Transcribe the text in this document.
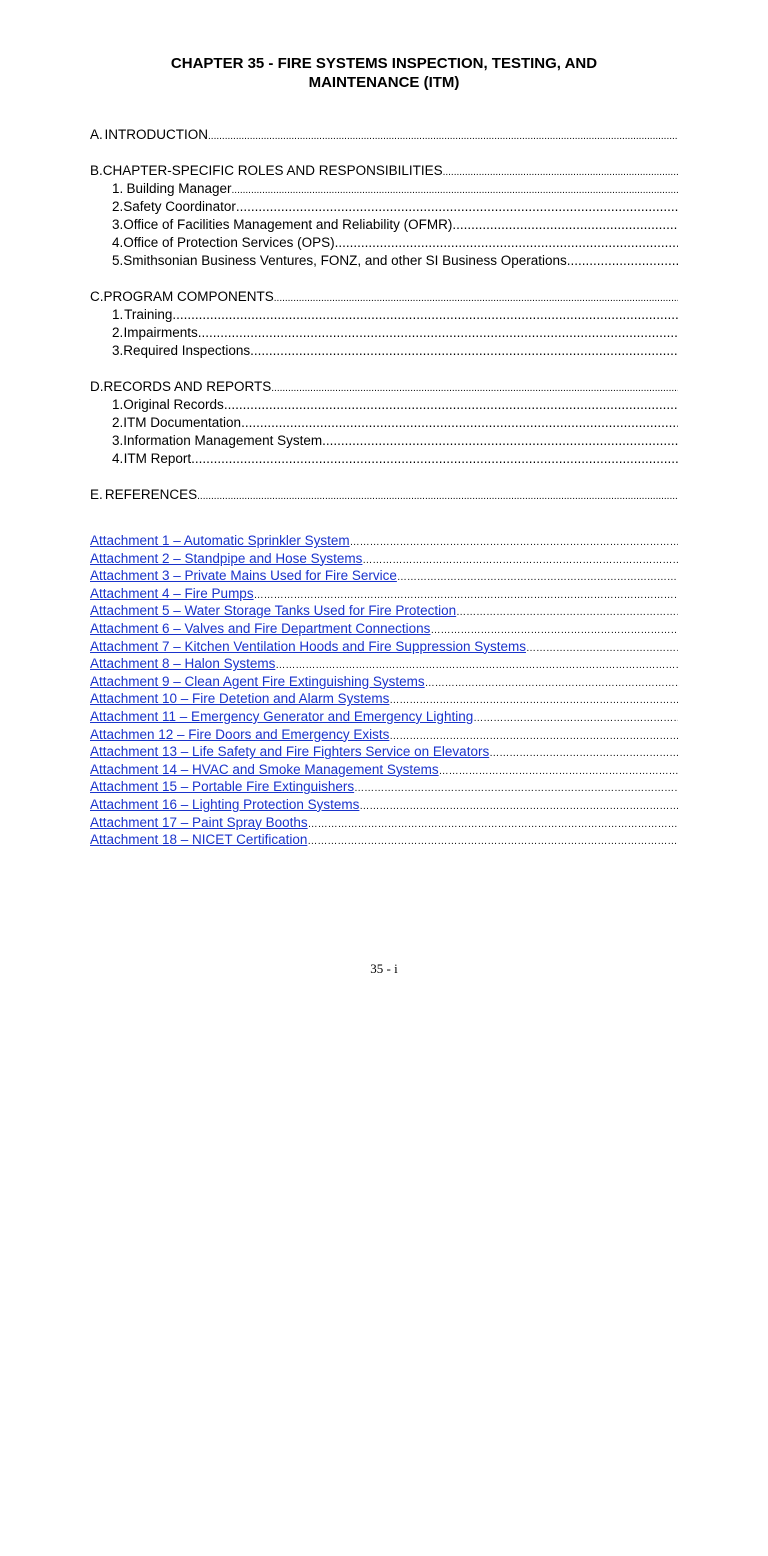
CHAPTER 35 - FIRE SYSTEMS INSPECTION, TESTING, AND
MAINTENANCE (ITM)
A. INTRODUCTION
.....
B. CHAPTER-SPECIFIC ROLES AND RESPONSIBILITIES
.....
1. Building Manager
.....
2. Safety Coordinator
.....
3. Office of Facilities Management and Reliability (OFMR)
.....
4. Office of Protection Services (OPS)
.....
5. Smithsonian Business Ventures, FONZ, and other SI Business Operations
.....
C. PROGRAM COMPONENTS
.....
1. Training
.....
2. Impairments
.....
3. Required Inspections
.....
D. RECORDS AND REPORTS
.....
1. Original Records
.....
2. ITM Documentation
.....
3. Information Management System
.....
4. ITM Report
.....
E. REFERENCES
.....
Attachment 1 – Automatic Sprinkler System
…………………………………………………………………………………………………………………………………………………………………………………………
Attachment 2 – Standpipe and Hose Systems
…………………………………………………………………………………………………………………………………………………………………………………………
Attachment 3 – Private Mains Used for Fire Service
…………………………………………………………………………………………………………………………………………………………………………………………
Attachment 4 – Fire Pumps
…………………………………………………………………………………………………………………………………………………………………………………………
Attachment 5 – Water Storage Tanks Used for Fire Protection
…………………………………………………………………………………………………………………………………………………………………………………………
Attachment 6 – Valves and Fire Department Connections
…………………………………………………………………………………………………………………………………………………………………………………………
Attachment 7 – Kitchen Ventilation Hoods and Fire Suppression Systems
…………………………………………………………………………………………………………………………………………………………………………………………
Attachment 8 – Halon Systems
…………………………………………………………………………………………………………………………………………………………………………………………
Attachment 9 – Clean Agent Fire Extinguishing Systems
…………………………………………………………………………………………………………………………………………………………………………………………
Attachment 10 – Fire Detetion and Alarm Systems
…………………………………………………………………………………………………………………………………………………………………………………………
Attachment 11 – Emergency Generator and Emergency Lighting
…………………………………………………………………………………………………………………………………………………………………………………………
Attachmen 12 – Fire Doors and Emergency Exists
…………………………………………………………………………………………………………………………………………………………………………………………
Attachment 13 – Life Safety and Fire Fighters Service on Elevators
…………………………………………………………………………………………………………………………………………………………………………………………
Attachment 14 – HVAC and Smoke Management Systems
…………………………………………………………………………………………………………………………………………………………………………………………
Attachment 15 – Portable Fire Extinguishers
…………………………………………………………………………………………………………………………………………………………………………………………
Attachment 16 – Lighting Protection Systems
…………………………………………………………………………………………………………………………………………………………………………………………
Attachment 17 – Paint Spray Booths
…………………………………………………………………………………………………………………………………………………………………………………………
Attachment 18 – NICET Certification
…………………………………………………………………………………………………………………………………………………………………………………………
35 - i
